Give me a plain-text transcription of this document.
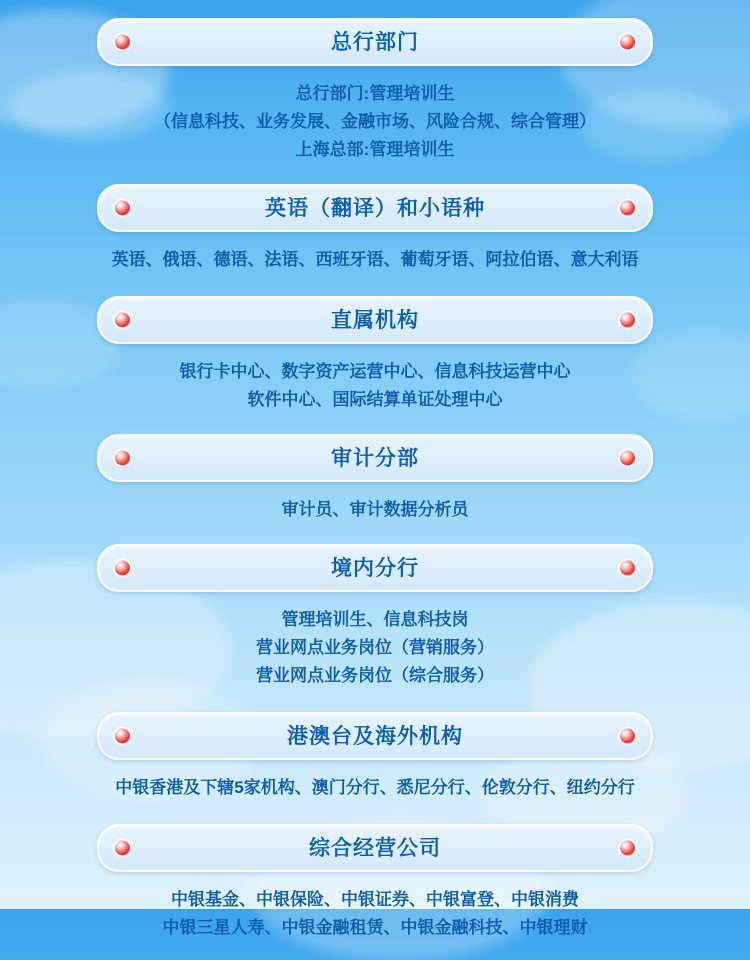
总行部门
总行部门:管理培训生
（信息科技、业务发展、金融市场、风险合规、综合管理）
上海总部:管理培训生
英语（翻译）和小语种
英语、俄语、德语、法语、西班牙语、葡萄牙语、阿拉伯语、意大利语
直属机构
银行卡中心、数字资产运营中心、信息科技运营中心
软件中心、国际结算单证处理中心
审计分部
审计员、审计数据分析员
境内分行
管理培训生、信息科技岗
营业网点业务岗位（营销服务）
营业网点业务岗位（综合服务）
港澳台及海外机构
中银香港及下辖5家机构、澳门分行、悉尼分行、伦敦分行、纽约分行
综合经营公司
中银基金、中银保险、中银证券、中银富登、中银消费
中银三星人寿、中银金融租赁、中银金融科技、中银理财
